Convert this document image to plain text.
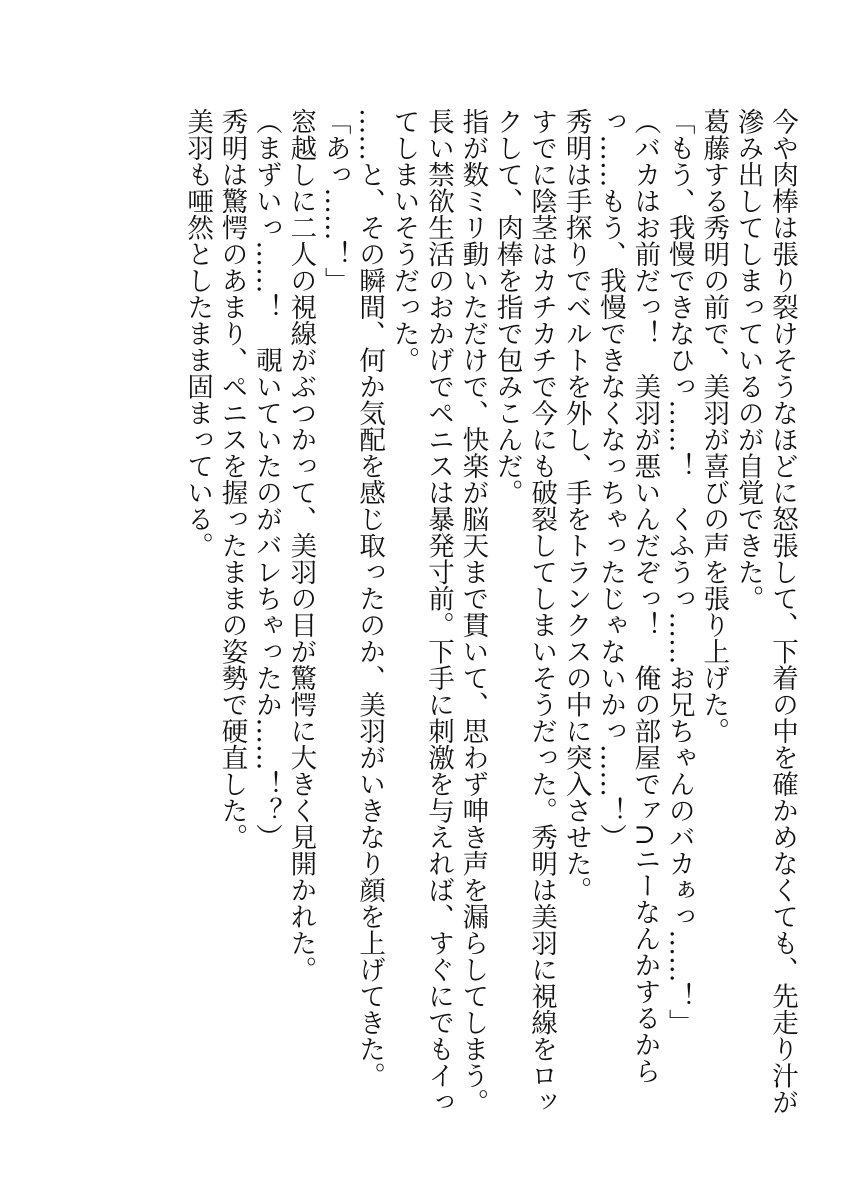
今や肉棒は張り裂けそうなほどに怒張して、下着の中を確かめなくても、先走り汁が滲み出してしまっているのが自覚できた。

葛藤する秀明の前で、美羽が喜びの声を張り上げた。

「もう、我慢できなひっ……！　くふうっ……お兄ちゃんのバカぁっ……！」

（バカはお前だっ！　美羽が悪いんだぞっ！　俺の部屋でァ∩ニーなんかするからっ……もう、我慢できなくなっちゃったじゃないかっ……！）

秀明は手探りでベルトを外し、手をトランクスの中に突入させた。

すでに陰茎はカチカチで今にも破裂してしまいそうだった。秀明は美羽に視線をロックして、肉棒を指で包みこんだ。

指が数ミリ動いただけで、快楽が脳天まで貫いて、思わず呻き声を漏らしてしまう。

長い禁欲生活のおかげでペニスは暴発寸前。下手に刺激を与えれば、すぐにでもイってしまいそうだった。

……と、その瞬間、何か気配を感じ取ったのか、美羽がいきなり顔を上げてきた。

「あっ……！」

窓越しに二人の視線がぶつかって、美羽の目が驚愕に大きく見開かれた。

（まずいっ……！　覗いていたのがバレちゃったか……！？）

秀明は驚愕のあまり、ペニスを握ったままの姿勢で硬直した。

美羽も唖然としたまま固まっている。
